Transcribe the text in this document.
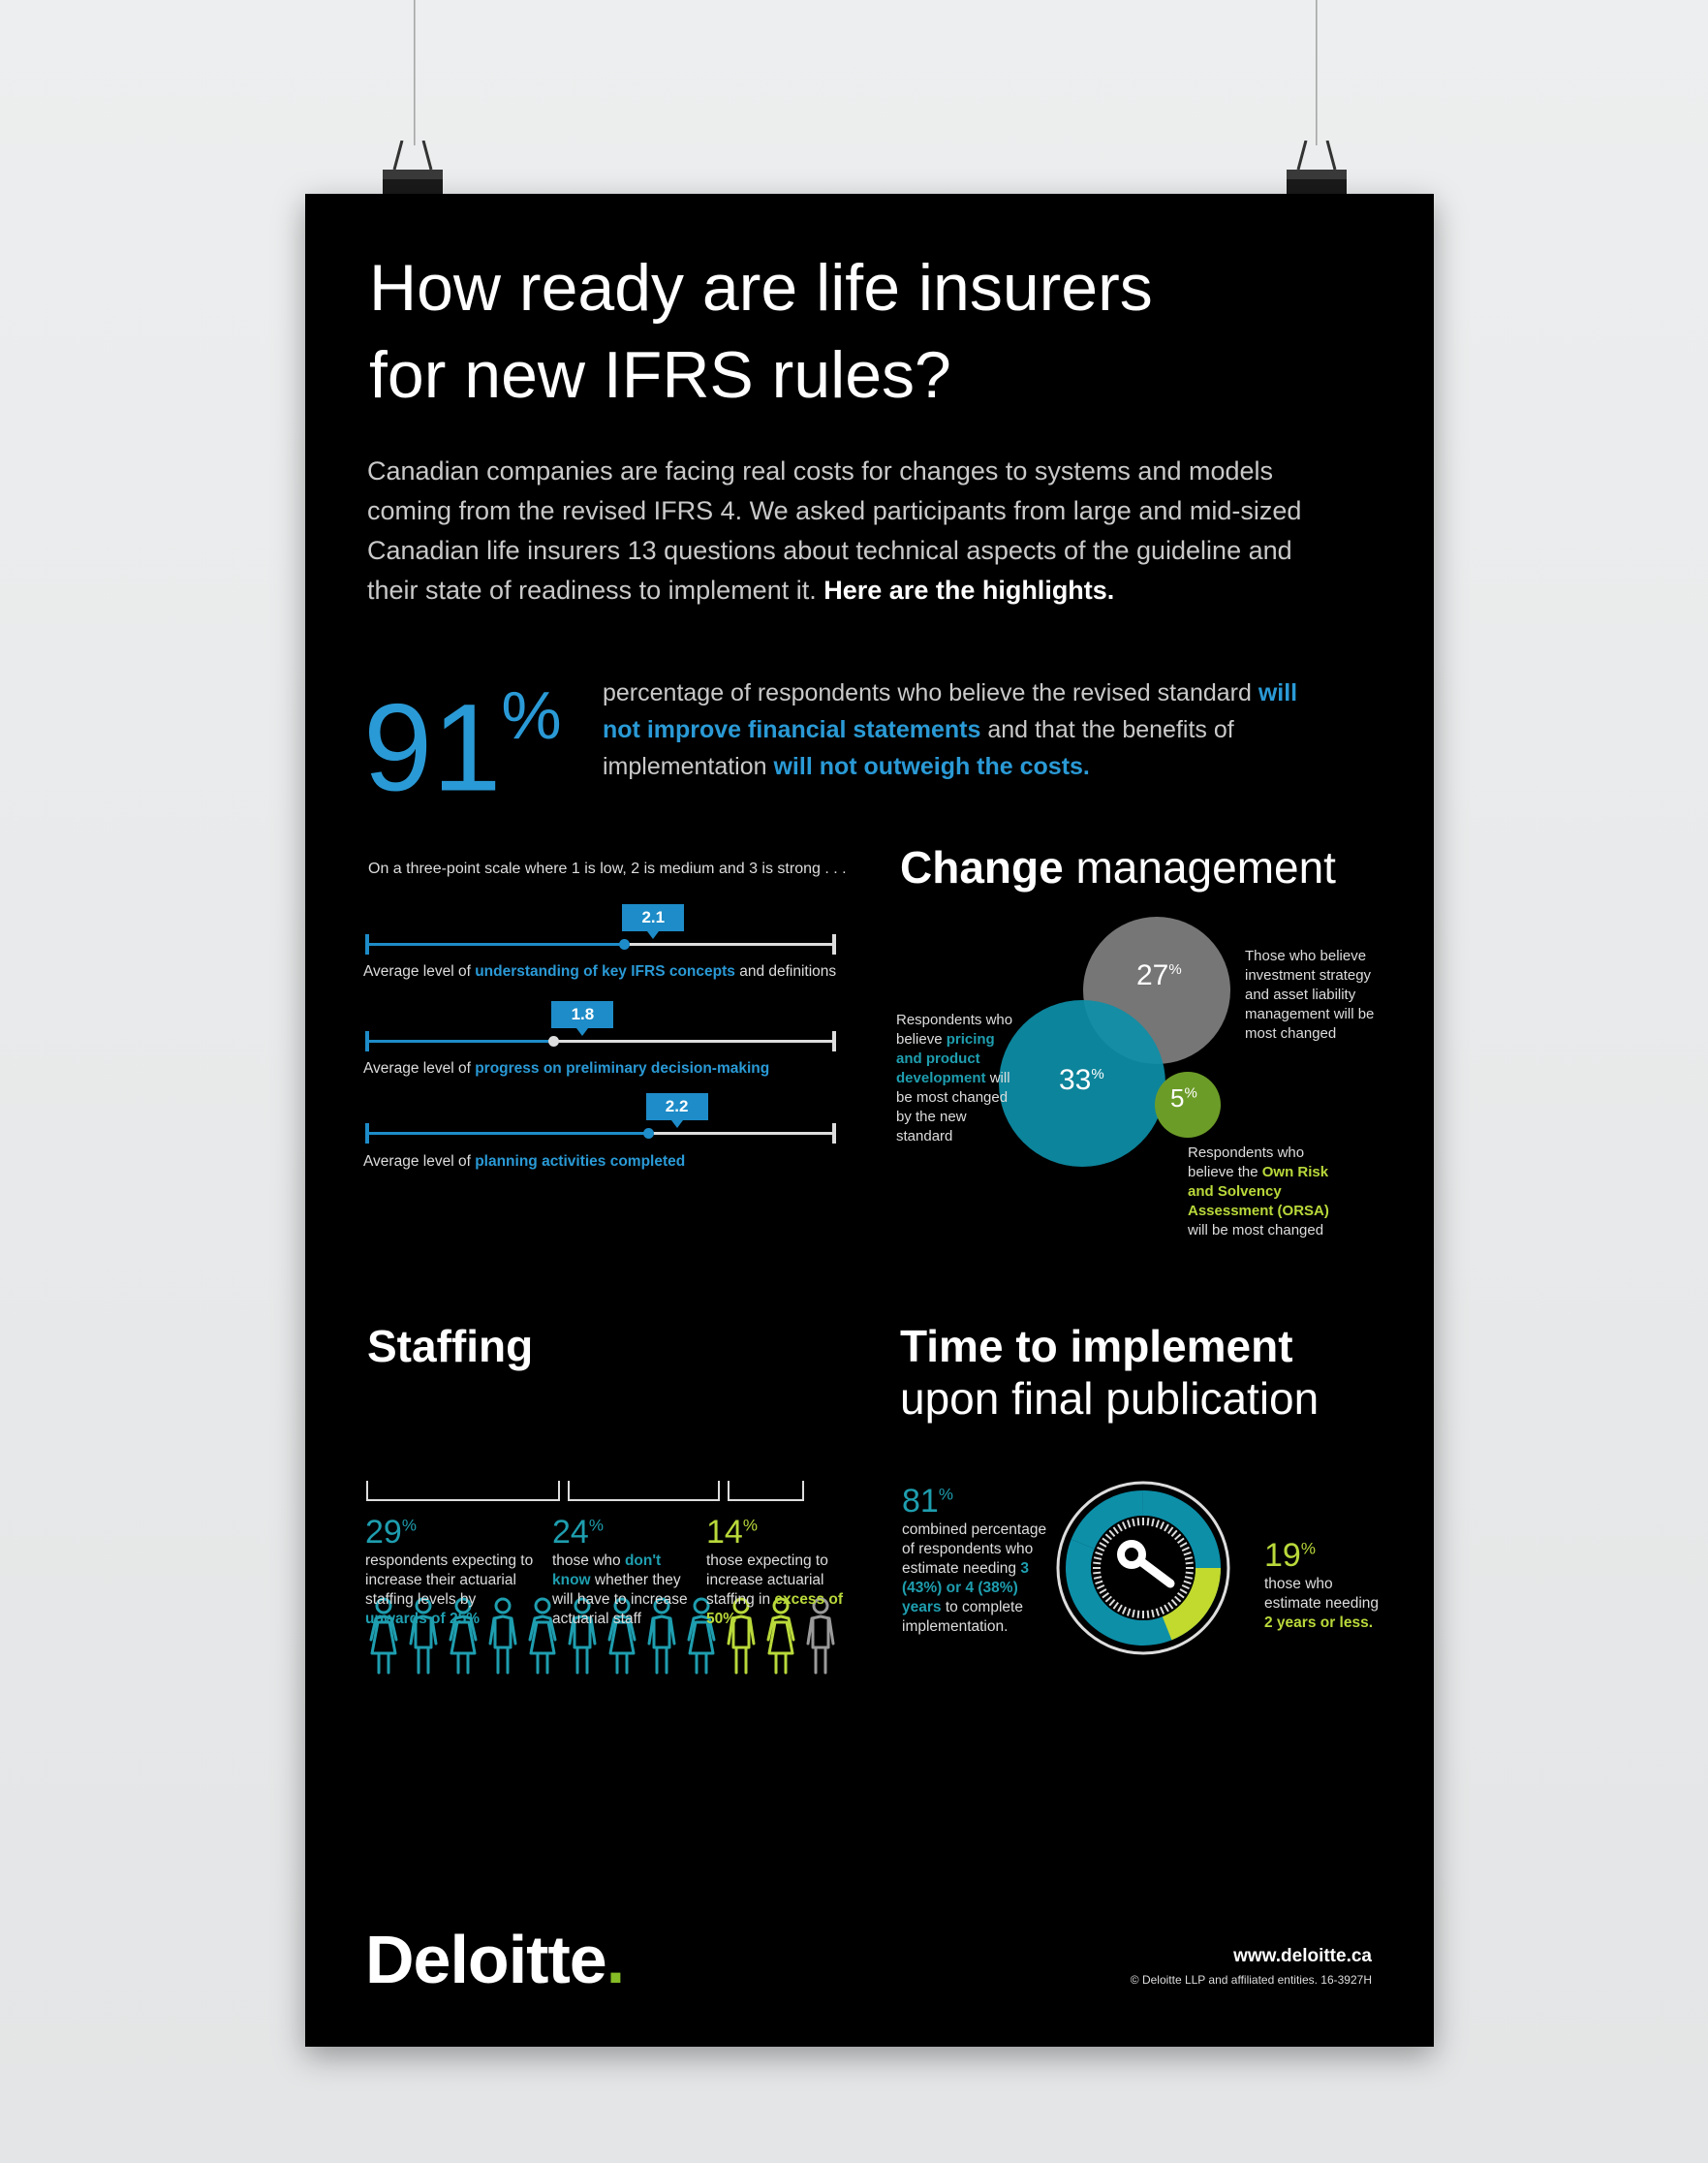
How ready are life insurers
for new IFRS rules?
Canadian companies are facing real costs for changes to systems and models coming from the revised IFRS 4. We asked participants from large and mid-sized Canadian life insurers 13 questions about technical aspects of the guideline and their state of readiness to implement it. Here are the highlights.
91% percentage of respondents who believe the revised standard will not improve financial statements and that the benefits of implementation will not outweigh the costs.
On a three-point scale where 1 is low, 2 is medium and 3 is strong . . .
2.1
Average level of understanding of key IFRS concepts and definitions
1.8
Average level of progress on preliminary decision-making
2.2
Average level of planning activities completed
Change management
27%
33%
5%
Those who believe investment strategy and asset liability management will be most changed
Respondents who believe pricing and product development will be most changed by the new standard
Respondents who believe the Own Risk and Solvency Assessment (ORSA) will be most changed
Staffing
29%
respondents expecting to increase their actuarial staffing levels by upwards of 25%
24%
those who don't know whether they will have to increase actuarial staff
14%
those expecting to increase actuarial staffing in excess of 50%
Time to implement
upon final publication
81%
combined percentage of respondents who estimate needing 3 (43%) or 4 (38%) years to complete implementation.
19%
those who estimate needing 2 years or less.
Deloitte.	www.deloitte.ca
© Deloitte LLP and affiliated entities. 16-3927H
